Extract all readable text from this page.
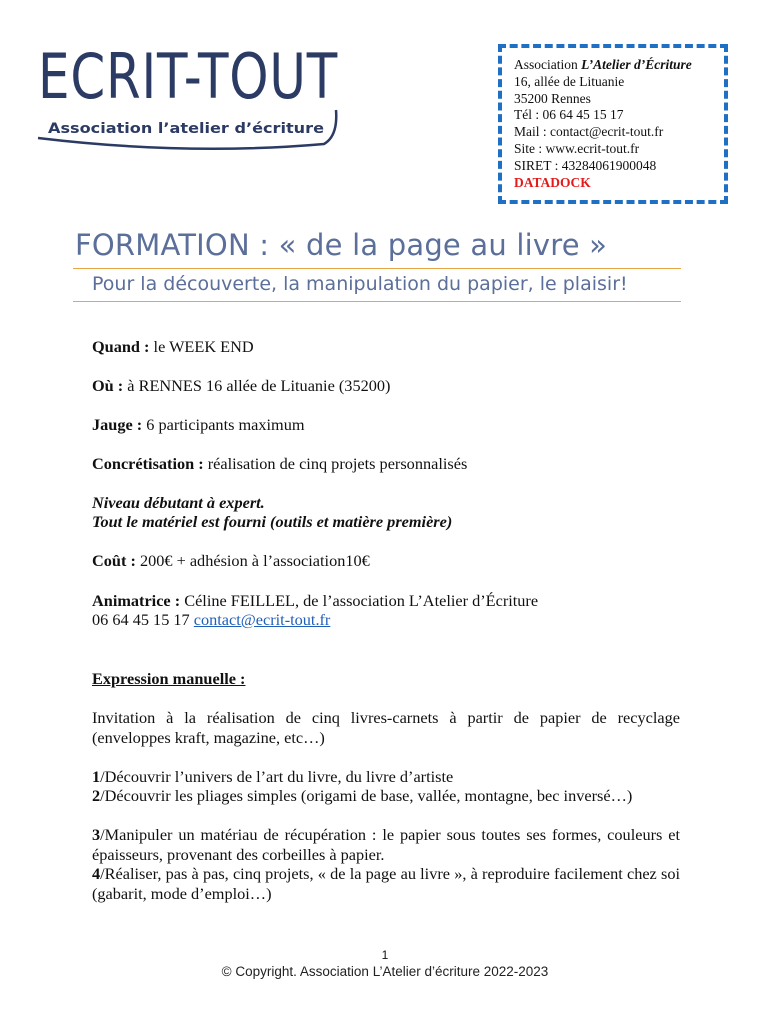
ECRIT-TOUT
Association l’atelier d’écriture
Association L’Atelier d’Écriture
16, allée de Lituanie
35200 Rennes
Tél : 06 64 45 15 17
Mail : contact@ecrit-tout.fr
Site : www.ecrit-tout.fr
SIRET : 43284061900048
DATADOCK
FORMATION : « de la page au livre »
Pour la découverte, la manipulation du papier, le plaisir!
Quand : le WEEK END
Où : à RENNES 16 allée de Lituanie (35200)
Jauge : 6 participants maximum
Concrétisation : réalisation de cinq projets personnalisés
Niveau débutant à expert.
Tout le matériel est fourni (outils et matière première)
Coût : 200€ + adhésion à l’association10€
Animatrice : Céline FEILLEL, de l’association L’Atelier d’Écriture
06 64 45 15 17 contact@ecrit-tout.fr
Expression manuelle :
Invitation à la réalisation de cinq livres-carnets à partir de papier de recyclage (enveloppes kraft, magazine, etc…)
1/Découvrir l’univers de l’art du livre, du livre d’artiste
2/Découvrir les pliages simples (origami de base, vallée, montagne, bec inversé…)
3/Manipuler un matériau de récupération : le papier sous toutes ses formes, couleurs et épaisseurs, provenant des corbeilles à papier.
4/Réaliser, pas à pas, cinq projets, « de la page au livre », à reproduire facilement chez soi (gabarit, mode d’emploi…)
1
© Copyright. Association L’Atelier d’écriture 2022-2023
